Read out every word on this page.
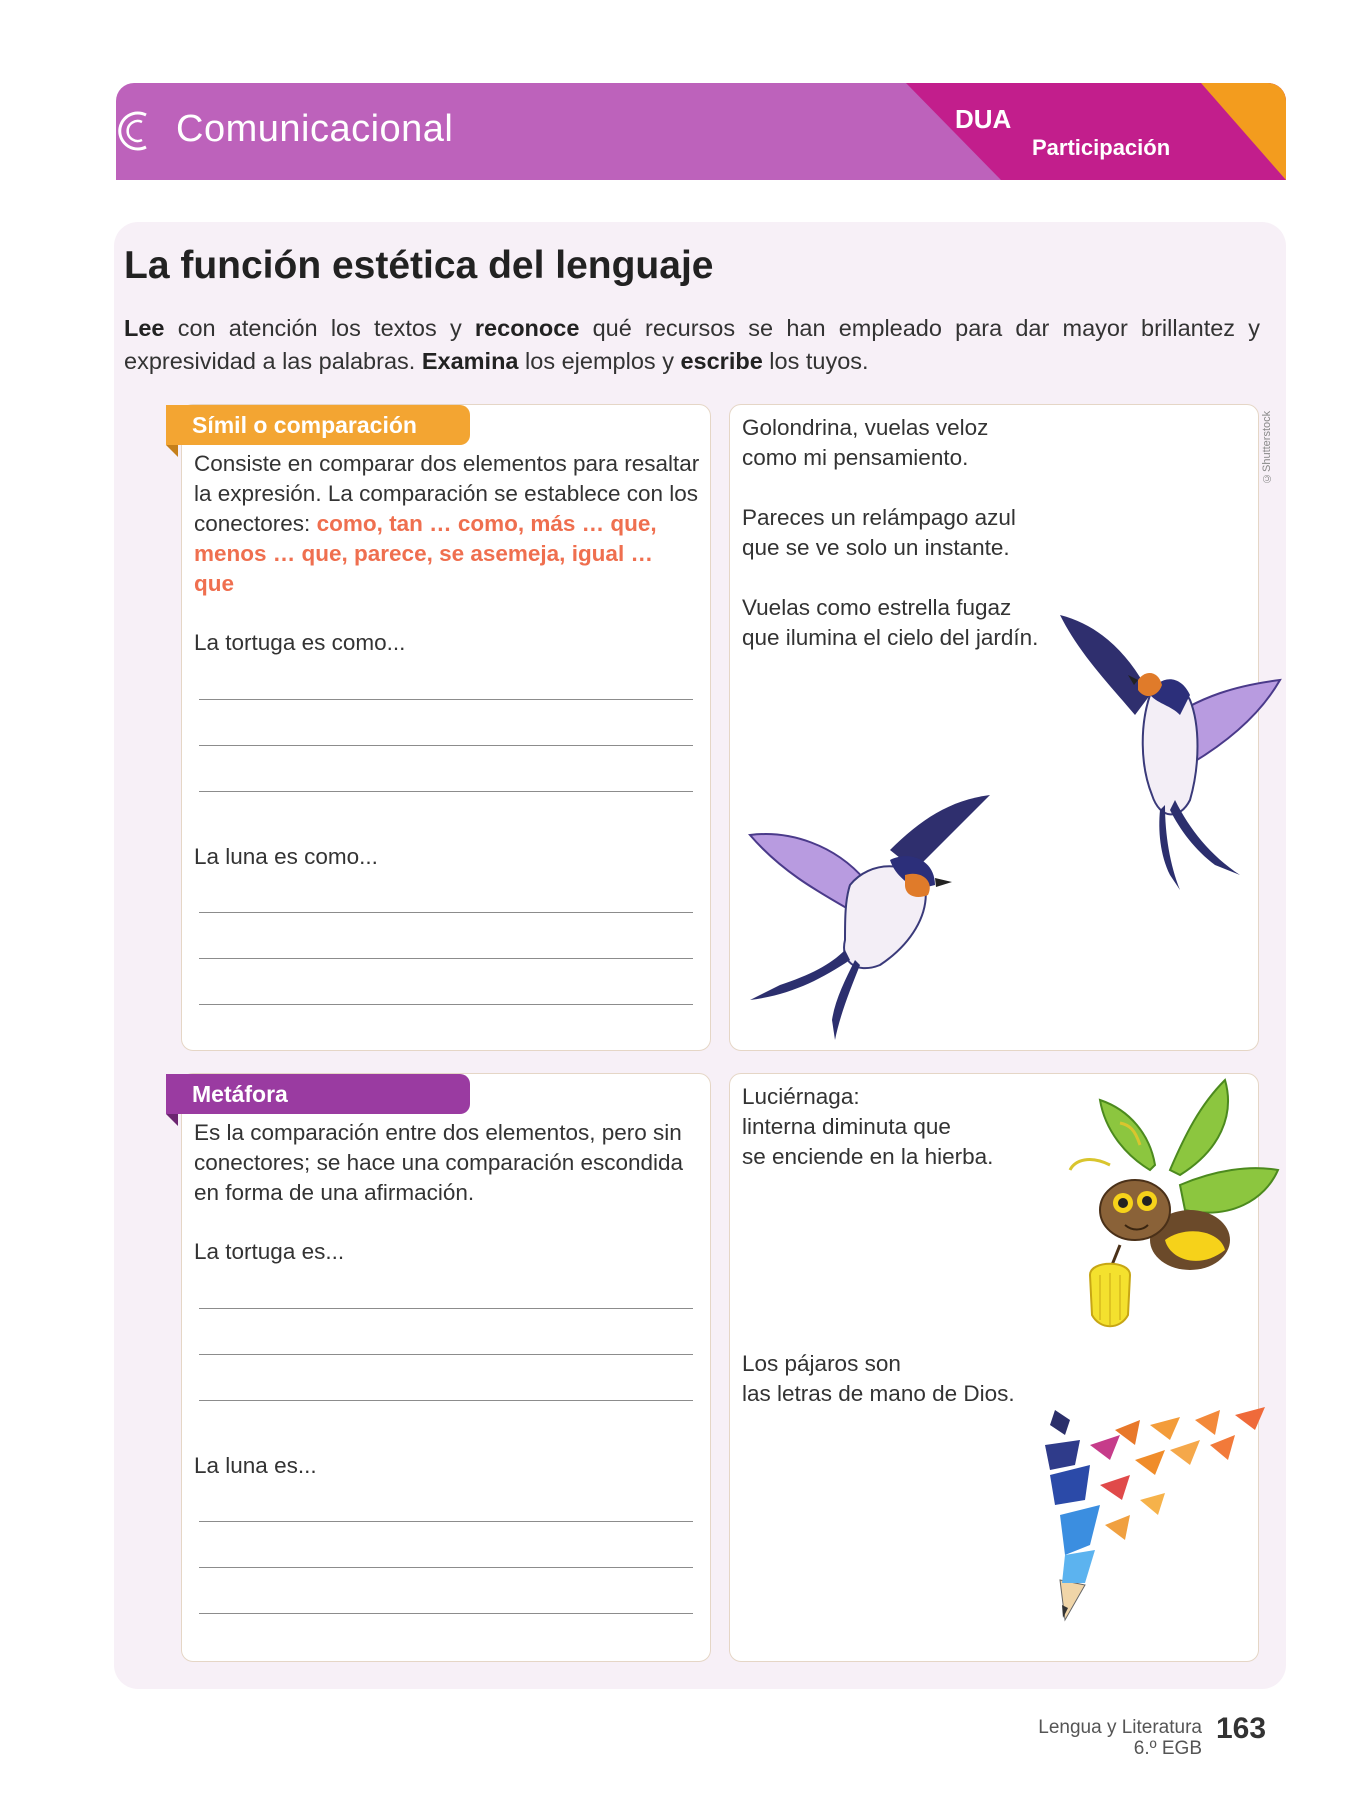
Comunicacional	DUA
Participación
La función estética del lenguaje
Lee con atención los textos y reconoce qué recursos se han empleado para dar mayor brillantez y expresividad a las palabras. Examina los ejemplos y escribe los tuyos.
Símil o comparación
Consiste en comparar dos elementos para resaltar
la expresión. La comparación se establece con los
conectores: como, tan … como, más … que,
menos … que, parece, se asemeja, igual …
que
La tortuga es como...
La luna es como...
Golondrina, vuelas veloz
como mi pensamiento.
Pareces un relámpago azul
que se ve solo un instante.
Vuelas como estrella fugaz
que ilumina el cielo del jardín.
©Shutterstock
Metáfora
Es la comparación entre dos elementos, pero sin
conectores; se hace una comparación escondida
en forma de una afirmación.
La tortuga es...
La luna es...
Luciérnaga:
linterna diminuta que
se enciende en la hierba.
Los pájaros son
las letras de mano de Dios.
Lengua y Literatura
6.º EGB
163
